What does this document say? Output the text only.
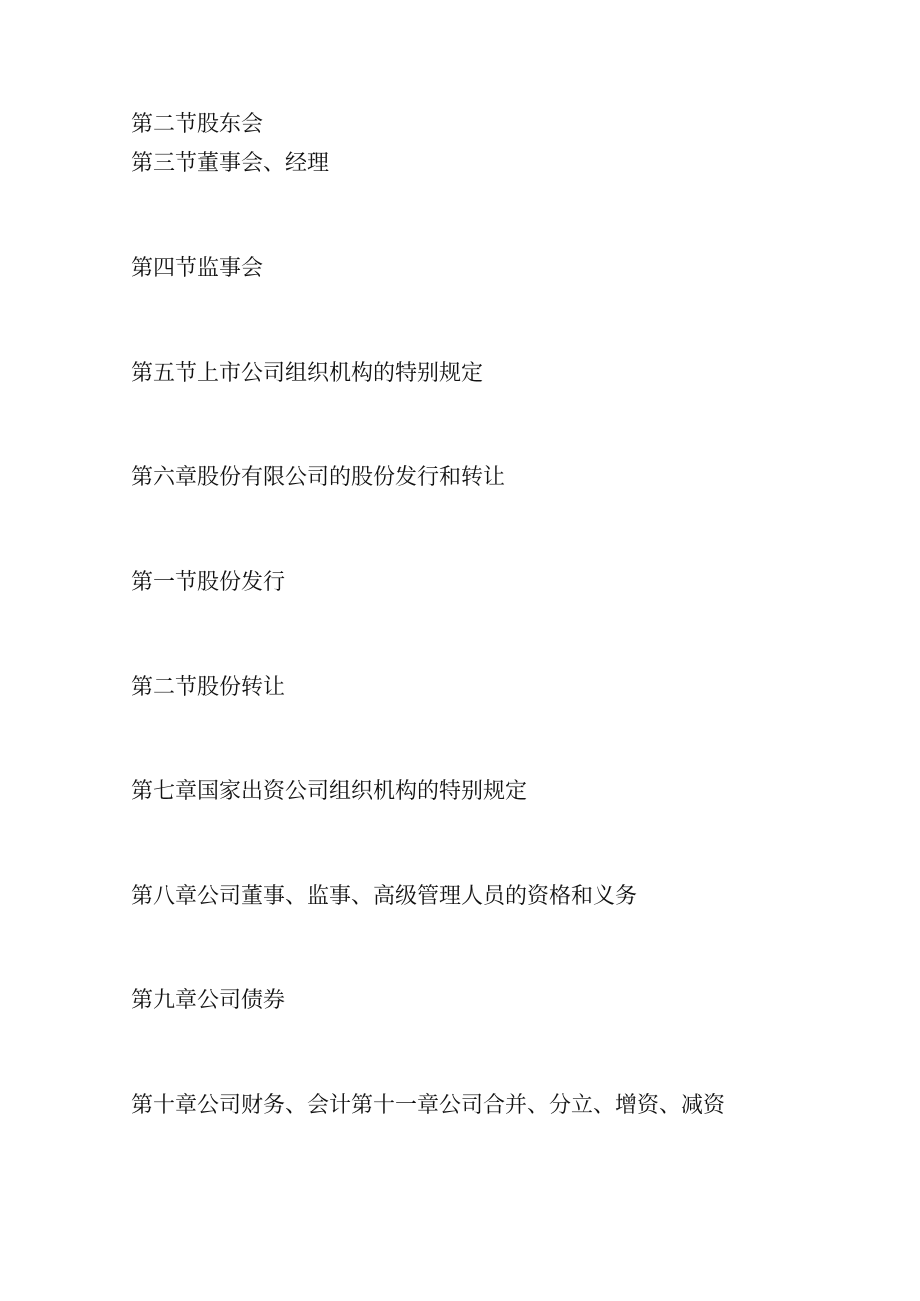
第二节股东会
第三节董事会、经理
第四节监事会
第五节上市公司组织机构的特别规定
第六章股份有限公司的股份发行和转让
第一节股份发行
第二节股份转让
第七章国家出资公司组织机构的特别规定
第八章公司董事、监事、高级管理人员的资格和义务
第九章公司债券
第十章公司财务、会计第十一章公司合并、分立、增资、减资
